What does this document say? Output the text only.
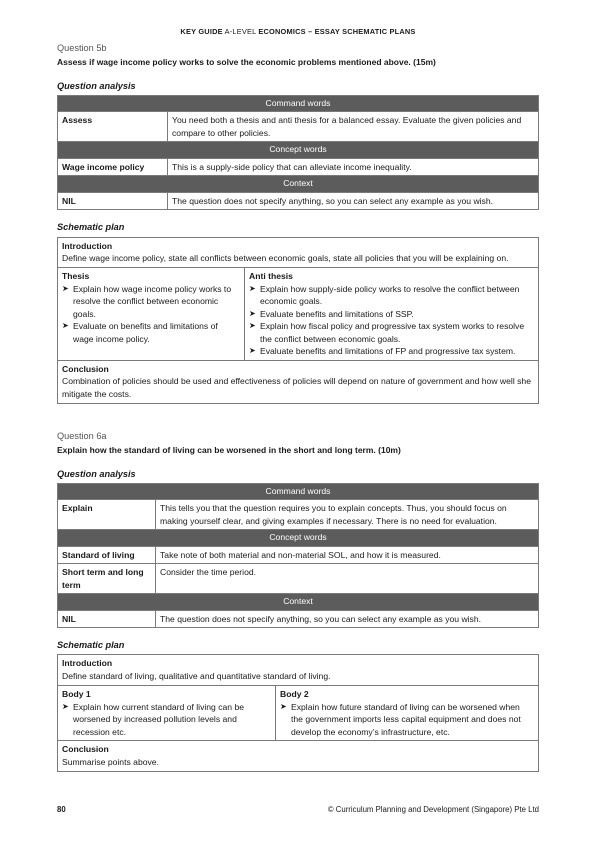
KEY GUIDE A-LEVEL ECONOMICS – ESSAY SCHEMATIC PLANS
Question 5b
Assess if wage income policy works to solve the economic problems mentioned above. (15m)
Question analysis
Command words	
Assess	You need both a thesis and anti thesis for a balanced essay. Evaluate the given policies and compare to other policies.
Concept words	
Wage income policy	This is a supply-side policy that can alleviate income inequality.
Context	
NIL	The question does not specify anything, so you can select any example as you wish.
Schematic plan
Introduction
Define wage income policy, state all conflicts between economic goals, state all policies that you will be explaining on.
Thesis
➤ Explain how wage income policy works to resolve the conflict between economic goals.
➤ Evaluate on benefits and limitations of wage income policy.
Anti thesis
➤ Explain how supply-side policy works to resolve the conflict between economic goals.
➤ Evaluate benefits and limitations of SSP.
➤ Explain how fiscal policy and progressive tax system works to resolve the conflict between economic goals.
➤ Evaluate benefits and limitations of FP and progressive tax system.
Conclusion
Combination of policies should be used and effectiveness of policies will depend on nature of government and how well she mitigate the costs.
Question 6a
Explain how the standard of living can be worsened in the short and long term. (10m)
Question analysis
Command words	
Explain	This tells you that the question requires you to explain concepts. Thus, you should focus on making yourself clear, and giving examples if necessary. There is no need for evaluation.
Concept words	
Standard of living	Take note of both material and non-material SOL, and how it is measured.
Short term and long term	Consider the time period.
Context	
NIL	The question does not specify anything, so you can select any example as you wish.
Schematic plan
Introduction
Define standard of living, qualitative and quantitative standard of living.
Body 1
➤ Explain how current standard of living can be worsened by increased pollution levels and recession etc.
Body 2
➤ Explain how future standard of living can be worsened when the government imports less capital equipment and does not develop the economy’s infrastructure, etc.
Conclusion
Summarise points above.
80	© Curriculum Planning and Development (Singapore) Pte Ltd
